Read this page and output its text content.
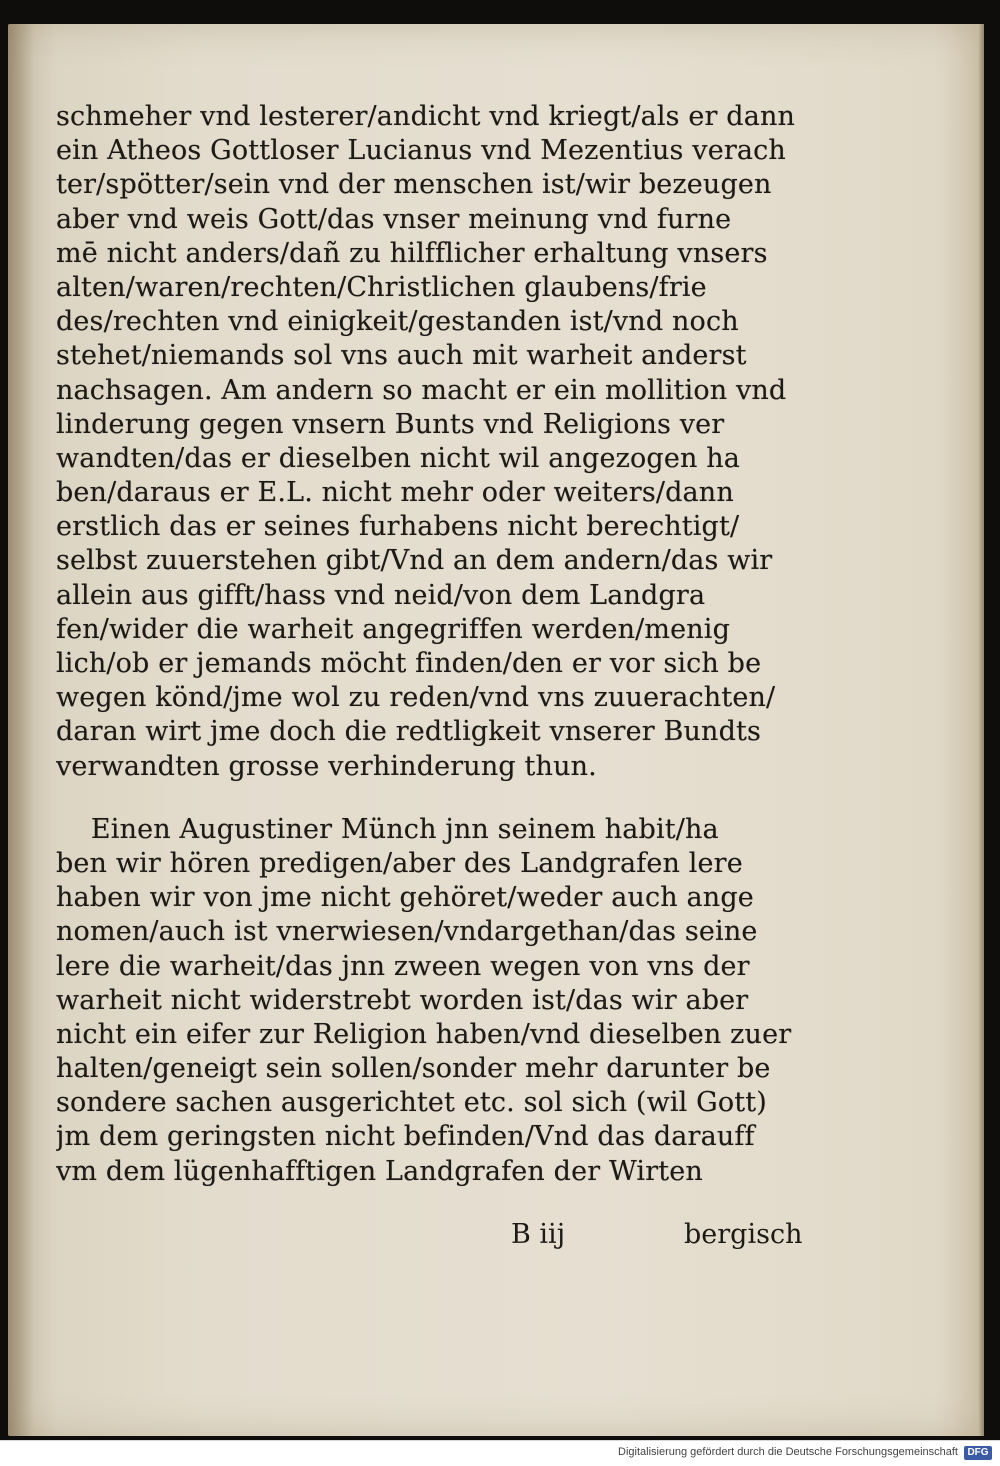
schmeher vnd lesterer/andicht vnd kriegt/als er dann
ein Atheos Gottloser Lucianus vnd Mezentius verach
ter/spötter/sein vnd der menschen ist/wir bezeugen
aber vnd weis Gott/das vnser meinung vnd furne
mē nicht anders/dañ zu hilfflicher erhaltung vnsers
alten/waren/rechten/Christlichen glaubens/frie
des/rechten vnd einigkeit/gestanden ist/vnd noch
stehet/niemands sol vns auch mit warheit anderst
nachsagen. Am andern so macht er ein mollition vnd
linderung gegen vnsern Bunts vnd Religions ver
wandten/das er dieselben nicht wil angezogen ha
ben/daraus er E.L. nicht mehr oder weiters/dann
erstlich das er seines furhabens nicht berechtigt/
selbst zuuerstehen gibt/Vnd an dem andern/das wir
allein aus gifft/hass vnd neid/von dem Landgra
fen/wider die warheit angegriffen werden/menig
lich/ob er jemands möcht finden/den er vor sich be
wegen könd/jme wol zu reden/vnd vns zuuerachten/
daran wirt jme doch die redtligkeit vnserer Bundts
verwandten grosse verhinderung thun.
Einen Augustiner Münch jnn seinem habit/ha
ben wir hören predigen/aber des Landgrafen lere
haben wir von jme nicht gehöret/weder auch ange
nomen/auch ist vnerwiesen/vndargethan/das seine
lere die warheit/das jnn zween wegen von vns der
warheit nicht widerstrebt worden ist/das wir aber
nicht ein eifer zur Religion haben/vnd dieselben zuer
halten/geneigt sein sollen/sonder mehr darunter be
sondere sachen ausgerichtet etc. sol sich (wil Gott)
jm dem geringsten nicht befinden/Vnd das darauff
vm dem lügenhafftigen Landgrafen der Wirten
B iij	bergisch
Digitalisierung gefördert durch die Deutsche Forschungsgemeinschaft DFG
